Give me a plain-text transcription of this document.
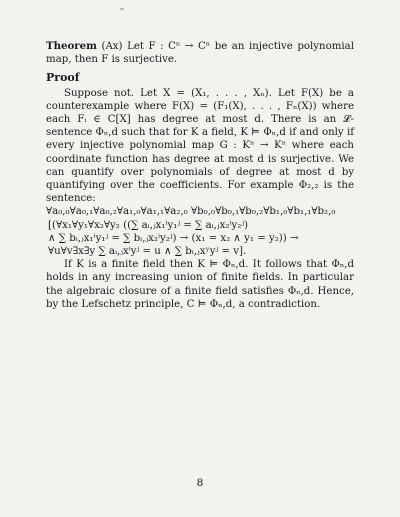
Theorem (Ax) Let F : Cⁿ → Cⁿ be an injective polynomial map, then F is surjective.

Proof

Suppose not. Let X = (X₁, . . . , Xₙ). Let F(X) be a counterexample where F(X) = (F₁(X), . . . , Fₙ(X)) where each Fᵢ ∈ C[X] has degree at most d. There is an 𝓛-sentence Φₙ,d such that for K a field, K ⊨ Φₙ,d if and only if every injective polynomial map G : Kⁿ → Kⁿ where each coordinate function has degree at most d is surjective. We can quantify over polynomials of degree at most d by quantifying over the coefficients. For example Φ₂,₂ is the sentence:

∀a₀,₀∀a₀,₁∀a₀,₂∀a₁,₀∀a₁,₁∀a₂,₀ ∀b₀,₀∀b₀,₁∀b₀,₂∀b₁,₀∀b₁,₁∀b₂,₀

[(∀x₁∀y₁∀x₂∀y₂ ((∑ aᵢ,ⱼx₁ⁱy₁ʲ = ∑ aᵢ,ⱼx₂ⁱy₂ʲ)

∧ ∑ bᵢ,ⱼx₁ⁱy₁ʲ = ∑ bᵢ,ⱼx₂ⁱy₂ʲ) → (x₁ = x₂ ∧ y₁ = y₂)) →

∀u∀v∃x∃y ∑ aᵢ,ⱼxⁱyʲ = u ∧ ∑ bᵢ,ⱼxʸyʲ = v].

If K is a finite field then K ⊨ Φₙ,d. It follows that Φₙ,d holds in any increasing union of finite fields. In particular the algebraic closure of a finite field satisfies Φₙ,d. Hence, by the Lefschetz principle, C ⊨ Φₙ,d, a contradiction.

8
